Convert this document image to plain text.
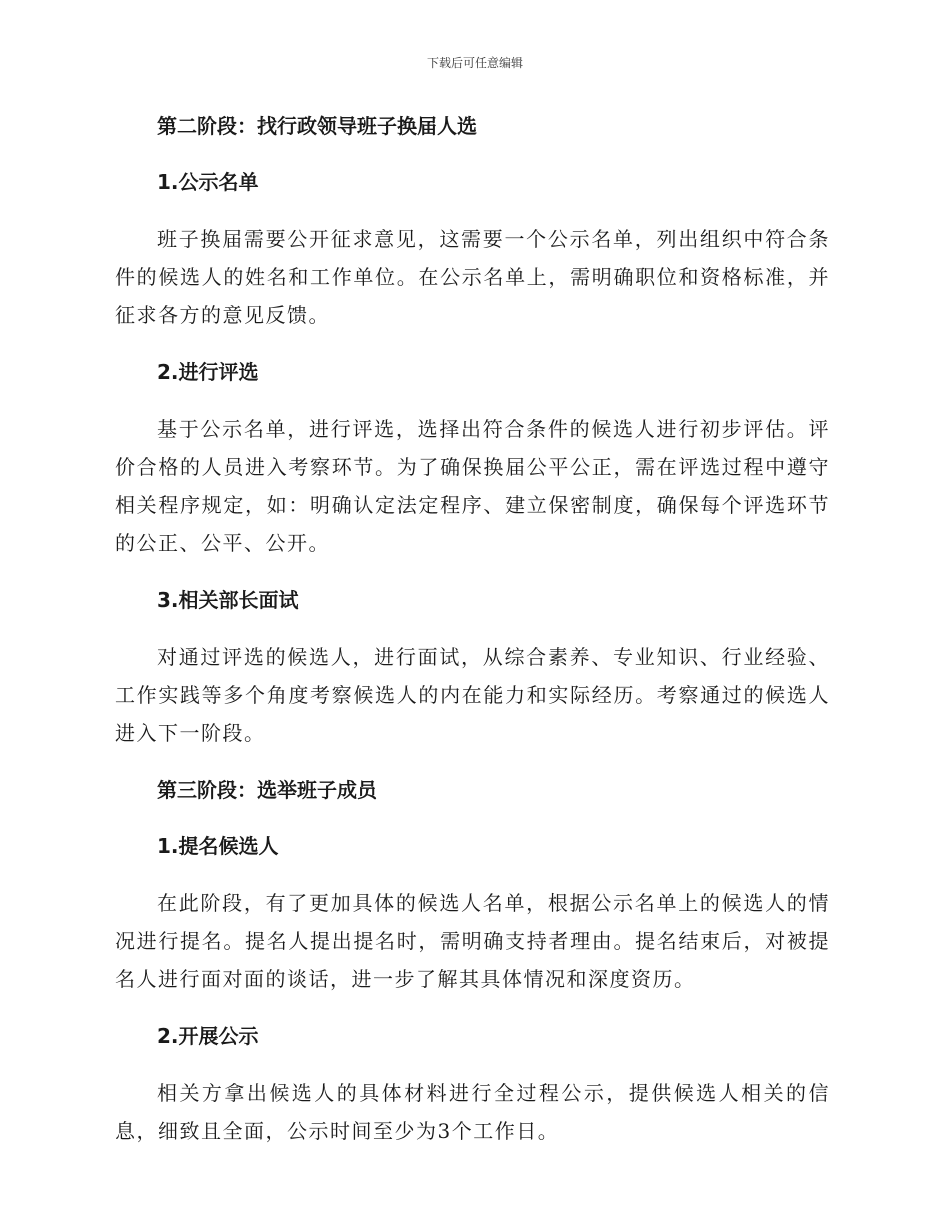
下载后可任意编辑
第二阶段：找行政领导班子换届人选
1.公示名单

班子换届需要公开征求意见，这需要一个公示名单，列出组织中符合条件的候选人的姓名和工作单位。在公示名单上，需明确职位和资格标准，并征求各方的意见反馈。

2.进行评选

基于公示名单，进行评选，选择出符合条件的候选人进行初步评估。评价合格的人员进入考察环节。为了确保换届公平公正，需在评选过程中遵守相关程序规定，如：明确认定法定程序、建立保密制度，确保每个评选环节的公正、公平、公开。

3.相关部长面试

对通过评选的候选人，进行面试，从综合素养、专业知识、行业经验、工作实践等多个角度考察候选人的内在能力和实际经历。考察通过的候选人进入下一阶段。

第三阶段：选举班子成员
1.提名候选人

在此阶段，有了更加具体的候选人名单，根据公示名单上的候选人的情况进行提名。提名人提出提名时，需明确支持者理由。提名结束后，对被提名人进行面对面的谈话，进一步了解其具体情况和深度资历。

2.开展公示

相关方拿出候选人的具体材料进行全过程公示，提供候选人相关的信息，细致且全面，公示时间至少为3个工作日。
